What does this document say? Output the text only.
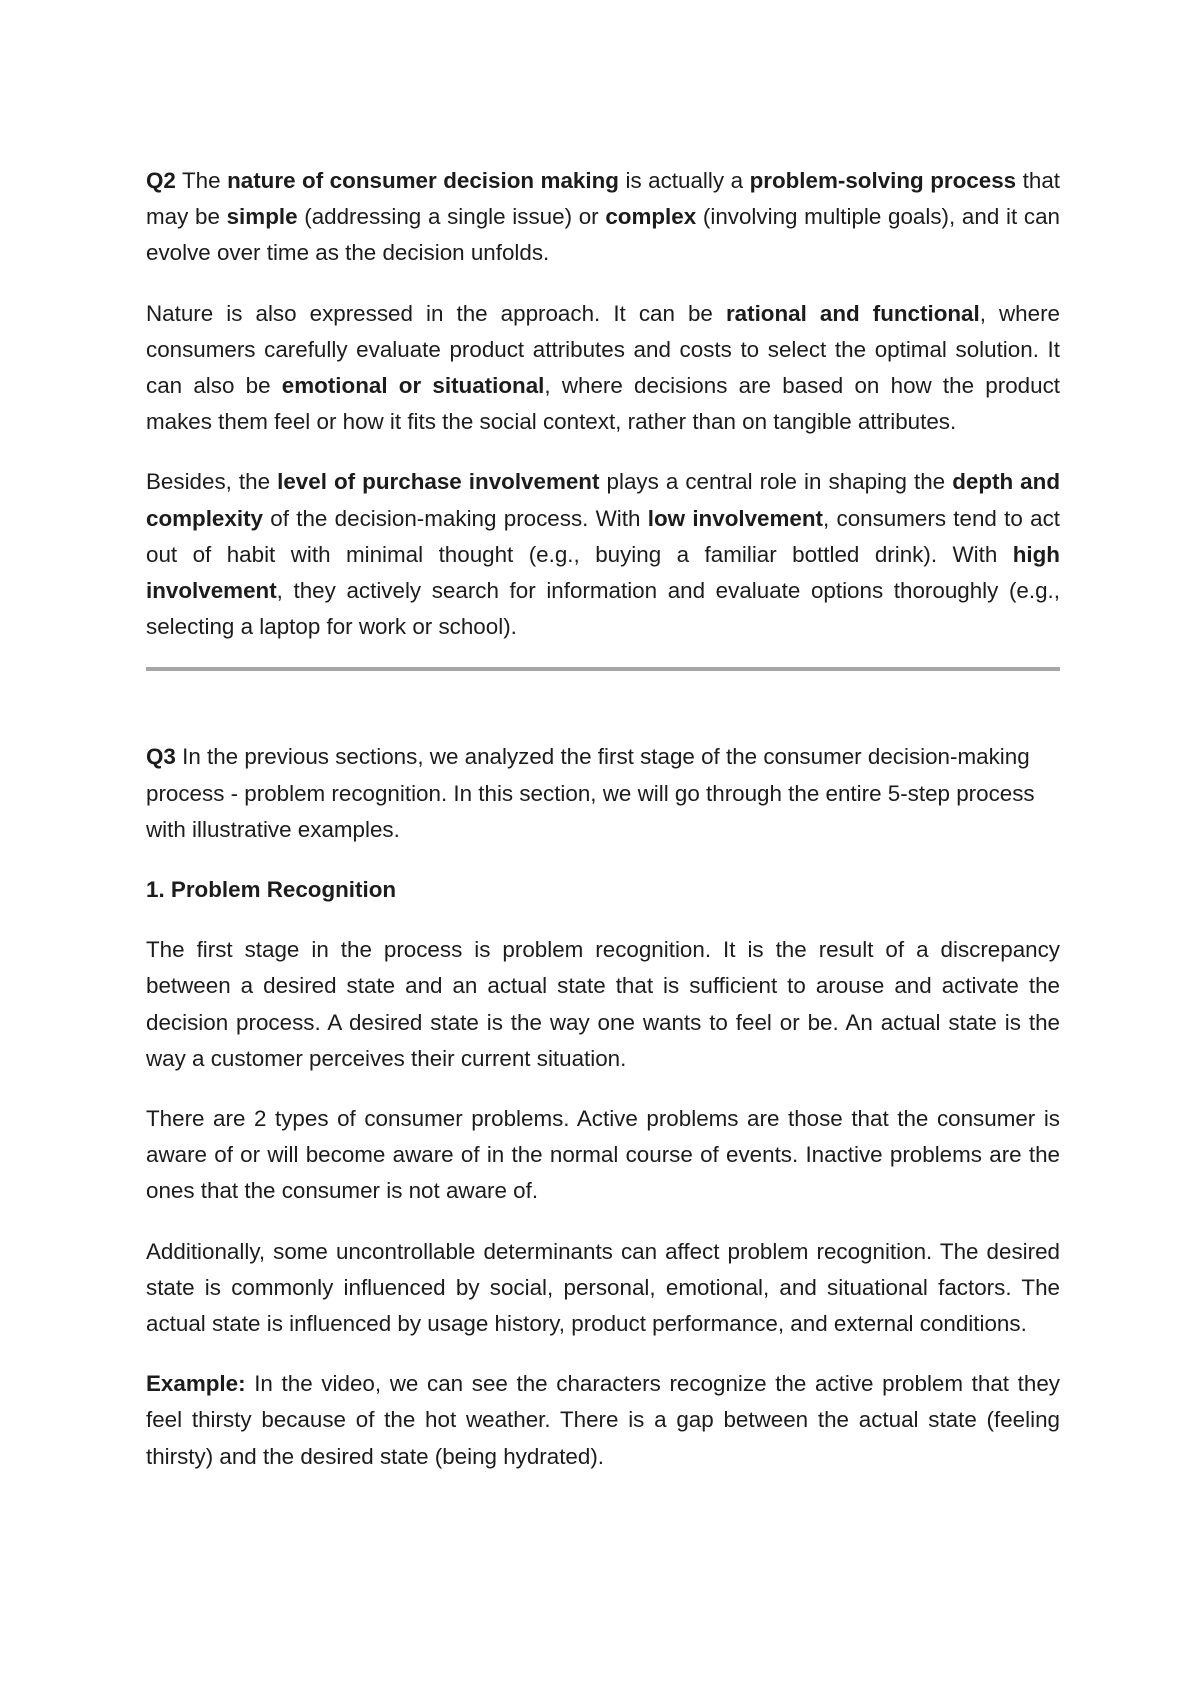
Q2 The nature of consumer decision making is actually a problem-solving process that may be simple (addressing a single issue) or complex (involving multiple goals), and it can evolve over time as the decision unfolds.

Nature is also expressed in the approach. It can be rational and functional, where consumers carefully evaluate product attributes and costs to select the optimal solution. It can also be emotional or situational, where decisions are based on how the product makes them feel or how it fits the social context, rather than on tangible attributes.

Besides, the level of purchase involvement plays a central role in shaping the depth and complexity of the decision-making process. With low involvement, consumers tend to act out of habit with minimal thought (e.g., buying a familiar bottled drink). With high involvement, they actively search for information and evaluate options thoroughly (e.g., selecting a laptop for work or school).

Q3 In the previous sections, we analyzed the first stage of the consumer decision-making process - problem recognition. In this section, we will go through the entire 5-step process with illustrative examples.

1. Problem Recognition

The first stage in the process is problem recognition. It is the result of a discrepancy between a desired state and an actual state that is sufficient to arouse and activate the decision process. A desired state is the way one wants to feel or be. An actual state is the way a customer perceives their current situation.

There are 2 types of consumer problems. Active problems are those that the consumer is aware of or will become aware of in the normal course of events. Inactive problems are the ones that the consumer is not aware of.

Additionally, some uncontrollable determinants can affect problem recognition. The desired state is commonly influenced by social, personal, emotional, and situational factors. The actual state is influenced by usage history, product performance, and external conditions.

Example: In the video, we can see the characters recognize the active problem that they feel thirsty because of the hot weather. There is a gap between the actual state (feeling thirsty) and the desired state (being hydrated).
